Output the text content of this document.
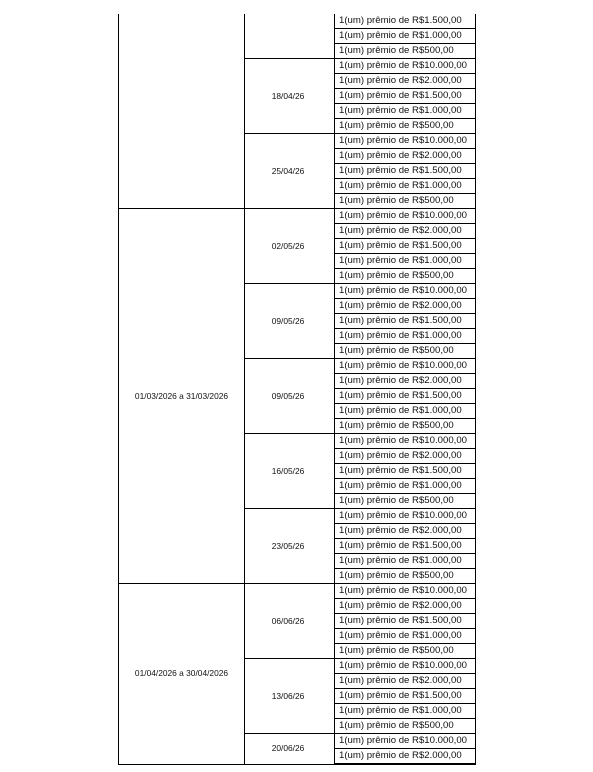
1(um) prêmio de R$1.500,00
1(um) prêmio de R$1.000,00
1(um) prêmio de R$500,00
1(um) prêmio de R$10.000,00
1(um) prêmio de R$2.000,00
1(um) prêmio de R$1.500,00
1(um) prêmio de R$1.000,00
1(um) prêmio de R$500,00
18/04/26
1(um) prêmio de R$10.000,00
1(um) prêmio de R$2.000,00
1(um) prêmio de R$1.500,00
1(um) prêmio de R$1.000,00
1(um) prêmio de R$500,00
25/04/26
1(um) prêmio de R$10.000,00
1(um) prêmio de R$2.000,00
1(um) prêmio de R$1.500,00
1(um) prêmio de R$1.000,00
1(um) prêmio de R$500,00
02/05/26
1(um) prêmio de R$10.000,00
1(um) prêmio de R$2.000,00
1(um) prêmio de R$1.500,00
1(um) prêmio de R$1.000,00
1(um) prêmio de R$500,00
09/05/26
1(um) prêmio de R$10.000,00
1(um) prêmio de R$2.000,00
1(um) prêmio de R$1.500,00
1(um) prêmio de R$1.000,00
1(um) prêmio de R$500,00
09/05/26
1(um) prêmio de R$10.000,00
1(um) prêmio de R$2.000,00
1(um) prêmio de R$1.500,00
1(um) prêmio de R$1.000,00
1(um) prêmio de R$500,00
16/05/26
1(um) prêmio de R$10.000,00
1(um) prêmio de R$2.000,00
1(um) prêmio de R$1.500,00
1(um) prêmio de R$1.000,00
1(um) prêmio de R$500,00
23/05/26
01/03/2026 a 31/03/2026
1(um) prêmio de R$10.000,00
1(um) prêmio de R$2.000,00
1(um) prêmio de R$1.500,00
1(um) prêmio de R$1.000,00
1(um) prêmio de R$500,00
06/06/26
1(um) prêmio de R$10.000,00
1(um) prêmio de R$2.000,00
1(um) prêmio de R$1.500,00
1(um) prêmio de R$1.000,00
1(um) prêmio de R$500,00
13/06/26
1(um) prêmio de R$10.000,00
1(um) prêmio de R$2.000,00
20/06/26
01/04/2026 a 30/04/2026
